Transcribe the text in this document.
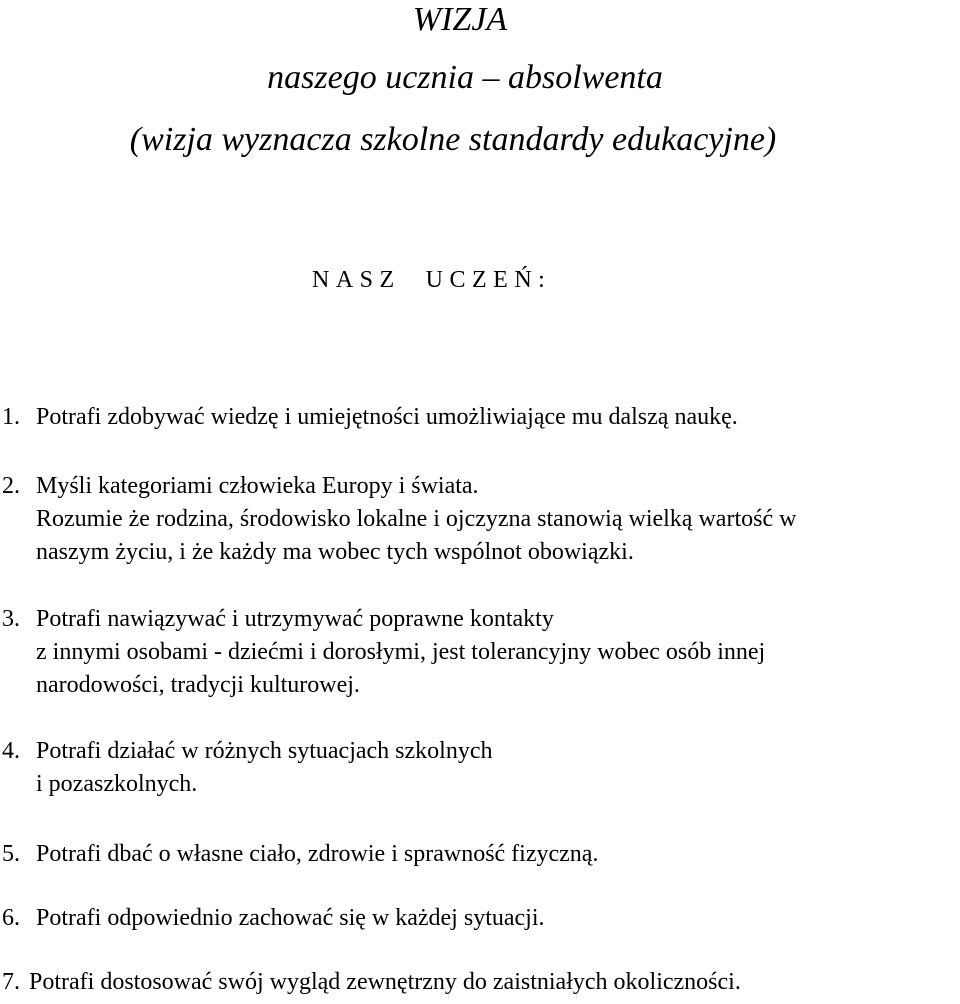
WIZJA
naszego ucznia – absolwenta
(wizja wyznacza szkolne standardy edukacyjne)
NASZ  UCZEŃ:
1. Potrafi zdobywać wiedzę i umiejętności umożliwiające mu dalszą naukę.
2. Myśli kategoriami człowieka Europy i świata.
Rozumie że rodzina, środowisko lokalne i ojczyzna stanowią wielką wartość w
naszym życiu, i że każdy ma wobec tych wspólnot obowiązki.
3. Potrafi nawiązywać i utrzymywać poprawne kontakty
z innymi osobami - dziećmi i dorosłymi, jest tolerancyjny wobec osób innej
narodowości, tradycji kulturowej.
4. Potrafi działać w różnych sytuacjach szkolnych
i pozaszkolnych.
5. Potrafi dbać o własne ciało, zdrowie i sprawność fizyczną.
6. Potrafi odpowiednio zachować się w każdej sytuacji.
7. Potrafi dostosować swój wygląd zewnętrzny do zaistniałych okoliczności.
